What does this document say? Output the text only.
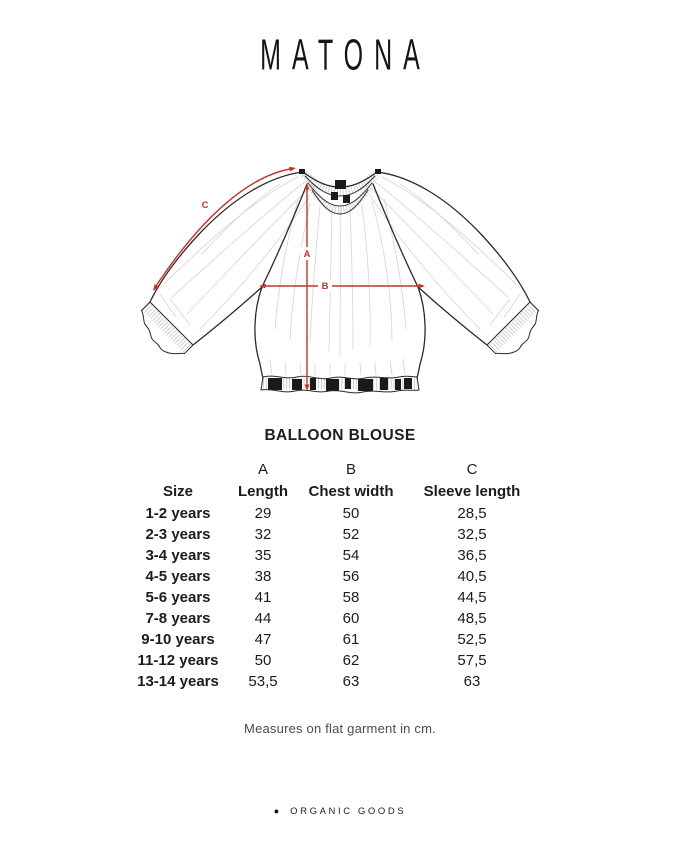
MATONA
C
A
B
BALLOON BLOUSE
	A	B	C
Size	Length	Chest width	Sleeve length
1-2 years	29	50	28,5
2-3 years	32	52	32,5
3-4 years	35	54	36,5
4-5 years	38	56	40,5
5-6 years	41	58	44,5
7-8 years	44	60	48,5
9-10 years	47	61	52,5
11-12 years	50	62	57,5
13-14 years	53,5	63	63
Measures on flat garment in cm.
● ORGANIC GOODS
